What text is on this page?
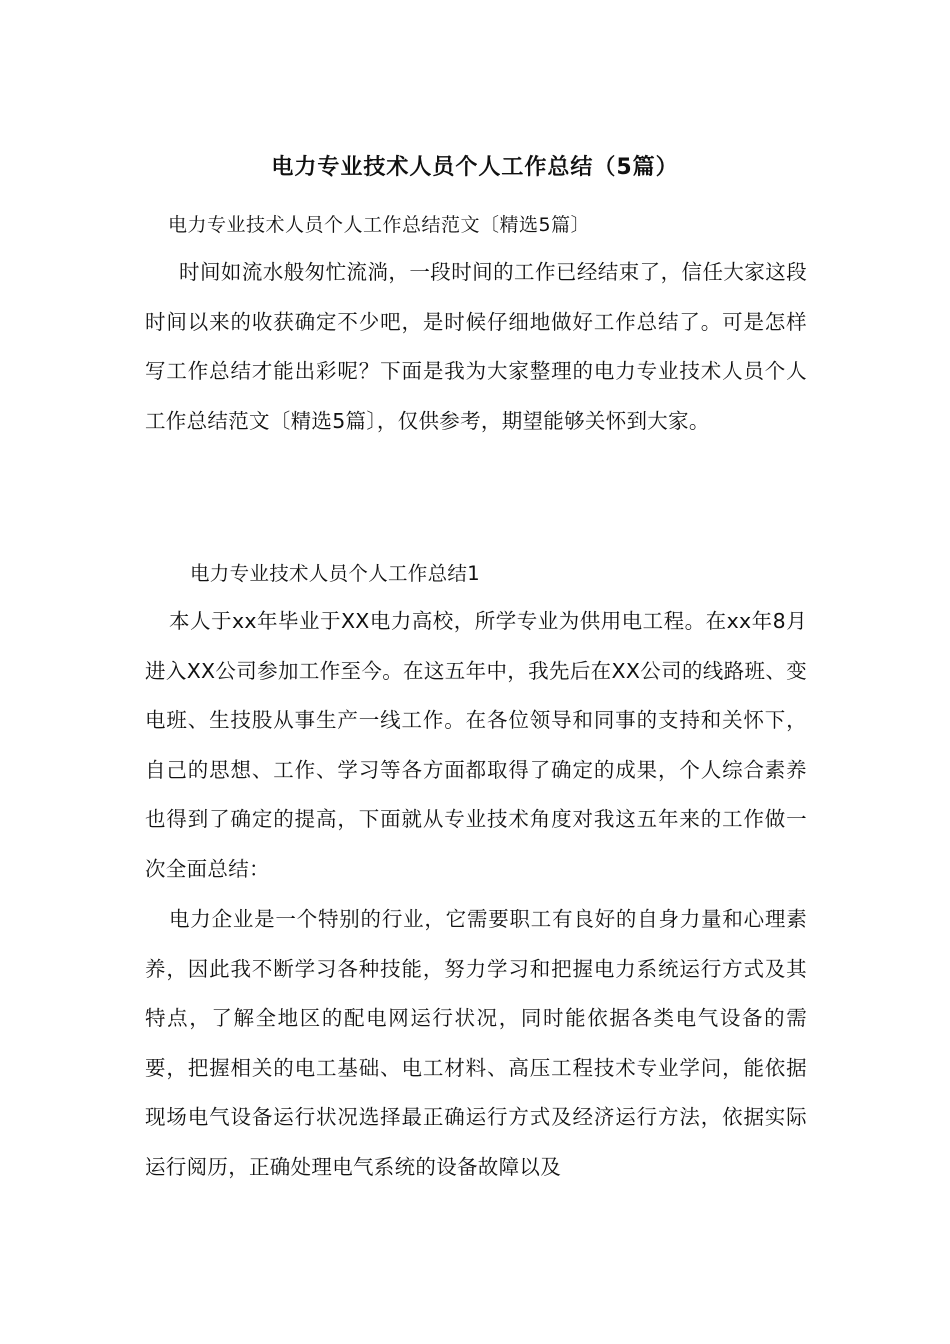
电力专业技术人员个人工作总结（5篇）
电力专业技术人员个人工作总结范文〔精选5篇〕
时间如流水般匆忙流淌，一段时间的工作已经结束了，信任大家这段时间以来的收获确定不少吧，是时候仔细地做好工作总结了。可是怎样写工作总结才能出彩呢？下面是我为大家整理的电力专业技术人员个人工作总结范文〔精选5篇〕，仅供参考，期望能够关怀到大家。
电力专业技术人员个人工作总结1
本人于xx年毕业于XX电力高校，所学专业为供用电工程。在xx年8月进入XX公司参加工作至今。在这五年中，我先后在XX公司的线路班、变电班、生技股从事生产一线工作。在各位领导和同事的支持和关怀下，自己的思想、工作、学习等各方面都取得了确定的成果，个人综合素养也得到了确定的提高，下面就从专业技术角度对我这五年来的工作做一次全面总结：
电力企业是一个特别的行业，它需要职工有良好的自身力量和心理素养，因此我不断学习各种技能，努力学习和把握电力系统运行方式及其特点，了解全地区的配电网运行状况，同时能依据各类电气设备的需要，把握相关的电工基础、电工材料、高压工程技术专业学问，能依据现场电气设备运行状况选择最正确运行方式及经济运行方法，依据实际运行阅历，正确处理电气系统的设备故障以及
